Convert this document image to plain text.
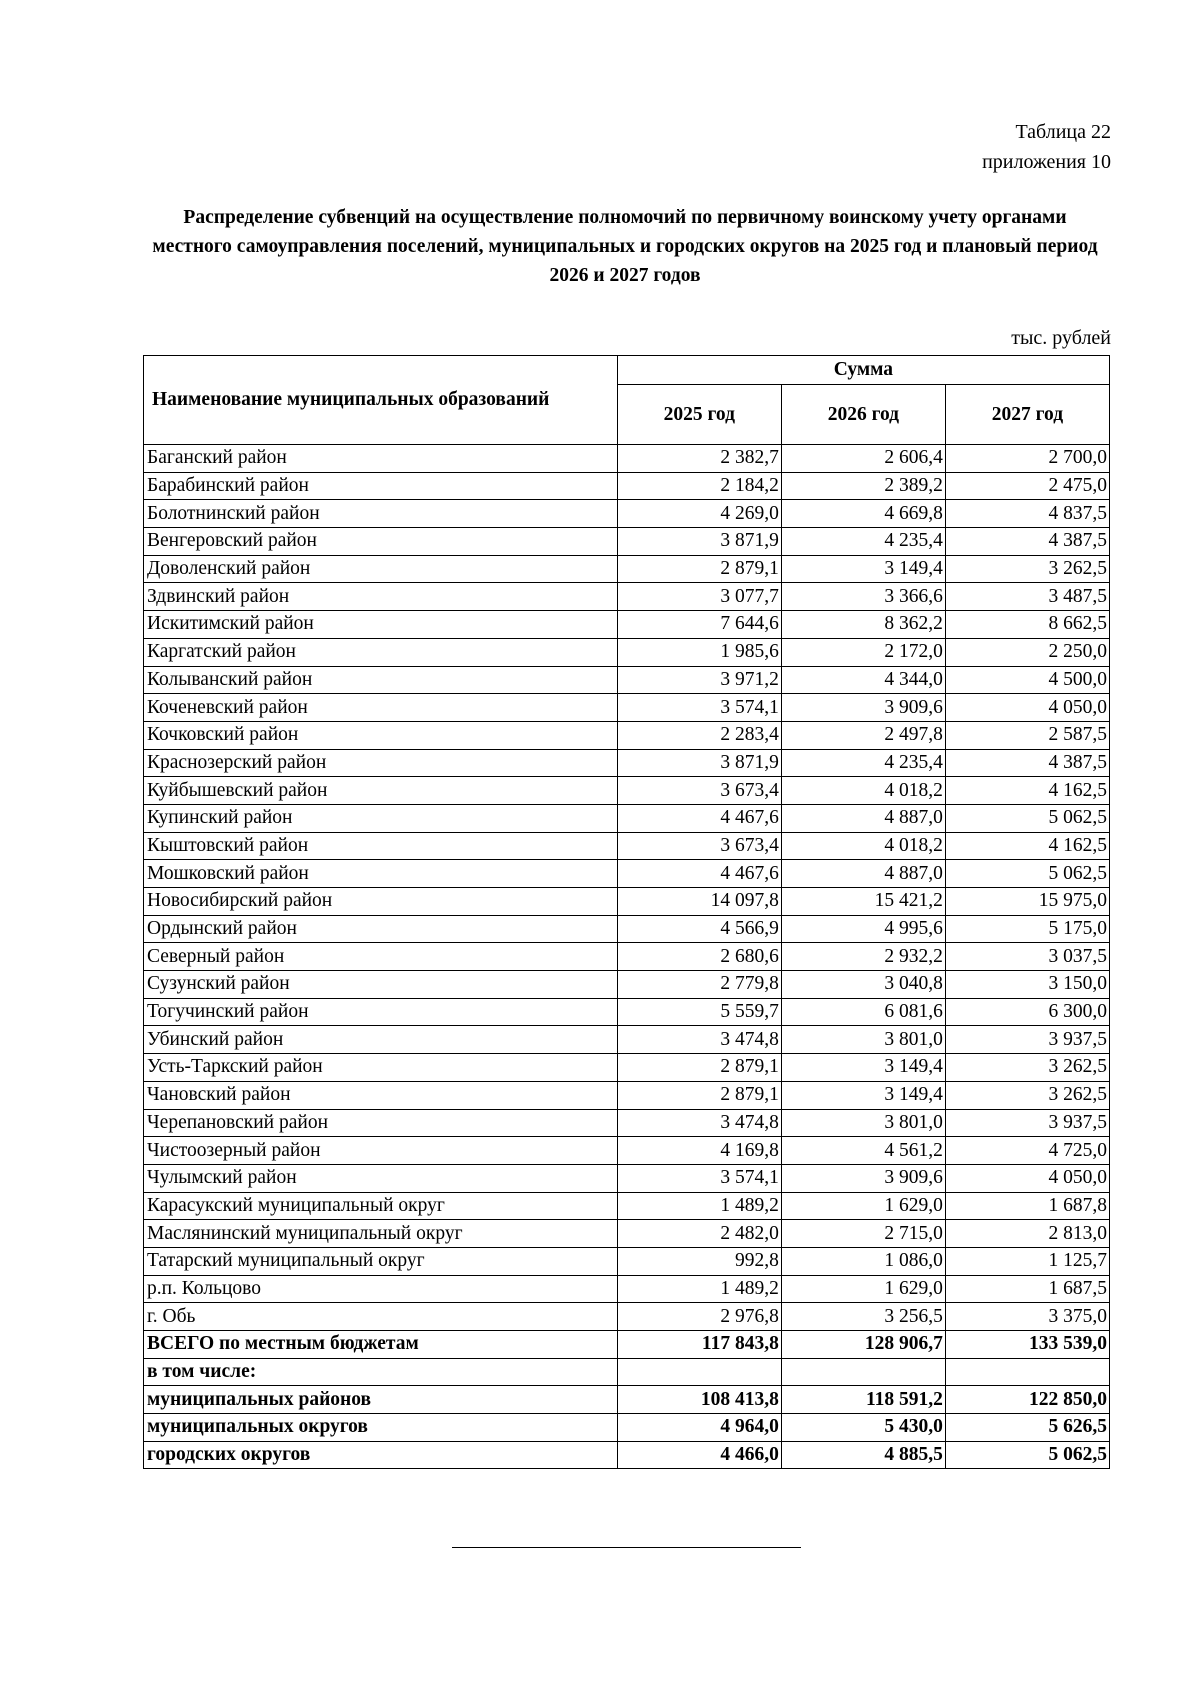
Таблица 22
приложения 10
Распределение субвенций на осуществление полномочий по первичному воинскому учету органами местного самоуправления поселений, муниципальных и городских округов на 2025 год и плановый период 2026 и 2027 годов
тыс. рублей
Наименование муниципальных образований	Сумма		
	2025 год	2026 год	2027 год
Баганский район	2 382,7	2 606,4	2 700,0
Барабинский район	2 184,2	2 389,2	2 475,0
Болотнинский район	4 269,0	4 669,8	4 837,5
Венгеровский район	3 871,9	4 235,4	4 387,5
Доволенский район	2 879,1	3 149,4	3 262,5
Здвинский район	3 077,7	3 366,6	3 487,5
Искитимский район	7 644,6	8 362,2	8 662,5
Каргатский район	1 985,6	2 172,0	2 250,0
Колыванский район	3 971,2	4 344,0	4 500,0
Коченевский район	3 574,1	3 909,6	4 050,0
Кочковский район	2 283,4	2 497,8	2 587,5
Краснозерский район	3 871,9	4 235,4	4 387,5
Куйбышевский район	3 673,4	4 018,2	4 162,5
Купинский район	4 467,6	4 887,0	5 062,5
Кыштовский район	3 673,4	4 018,2	4 162,5
Мошковский район	4 467,6	4 887,0	5 062,5
Новосибирский район	14 097,8	15 421,2	15 975,0
Ордынский район	4 566,9	4 995,6	5 175,0
Северный район	2 680,6	2 932,2	3 037,5
Сузунский район	2 779,8	3 040,8	3 150,0
Тогучинский район	5 559,7	6 081,6	6 300,0
Убинский район	3 474,8	3 801,0	3 937,5
Усть-Таркский район	2 879,1	3 149,4	3 262,5
Чановский район	2 879,1	3 149,4	3 262,5
Черепановский район	3 474,8	3 801,0	3 937,5
Чистоозерный район	4 169,8	4 561,2	4 725,0
Чулымский район	3 574,1	3 909,6	4 050,0
Карасукский муниципальный округ	1 489,2	1 629,0	1 687,8
Маслянинский муниципальный округ	2 482,0	2 715,0	2 813,0
Татарский муниципальный округ	992,8	1 086,0	1 125,7
р.п. Кольцово	1 489,2	1 629,0	1 687,5
г. Обь	2 976,8	3 256,5	3 375,0
ВСЕГО по местным бюджетам	117 843,8	128 906,7	133 539,0
в том числе:			
муниципальных районов	108 413,8	118 591,2	122 850,0
муниципальных округов	4 964,0	5 430,0	5 626,5
городских округов	4 466,0	4 885,5	5 062,5
